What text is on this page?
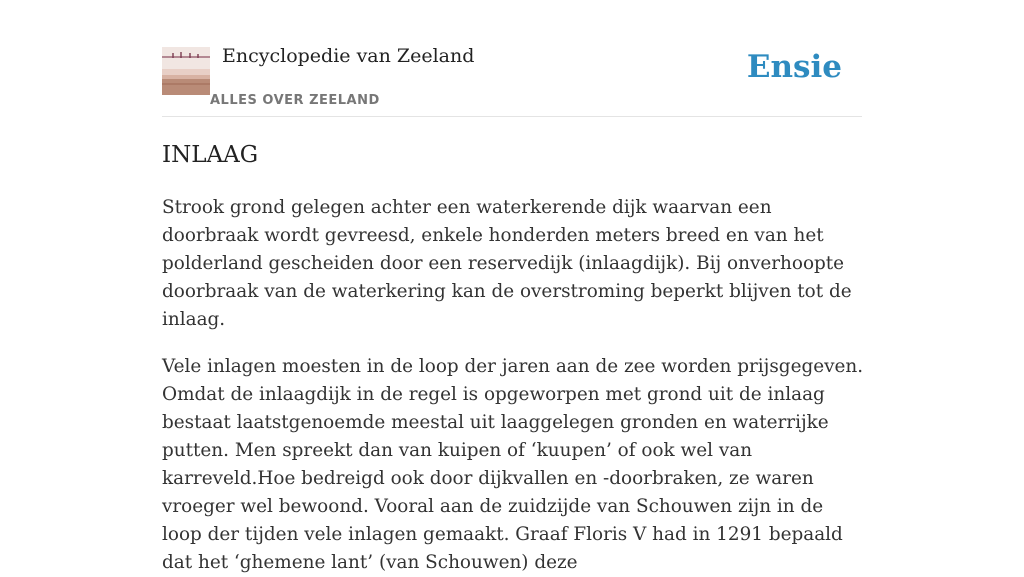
Encyclopedie van Zeeland
ALLES OVER ZEELAND
Ensie
INLAAG

Strook grond gelegen achter een waterkerende dijk waarvan een doorbraak wordt gevreesd, enkele honderden meters breed en van het polderland gescheiden door een reservedijk (inlaagdijk). Bij onverhoopte doorbraak van de waterkering kan de overstroming beperkt blijven tot de inlaag.

Vele inlagen moesten in de loop der jaren aan de zee worden prijsgegeven. Omdat de inlaagdijk in de regel is opgeworpen met grond uit de inlaag bestaat laatstgenoemde meestal uit laaggelegen gronden en waterrijke putten. Men spreekt dan van kuipen of ‘kuupen’ of ook wel van karreveld.Hoe bedreigd ook door dijkvallen en -doorbraken, ze waren vroeger wel bewoond. Vooral aan de zuidzijde van Schouwen zijn in de loop der tijden vele inlagen gemaakt. Graaf Floris V had in 1291 bepaald dat het ‘ghemene lant’ (van Schouwen) deze
